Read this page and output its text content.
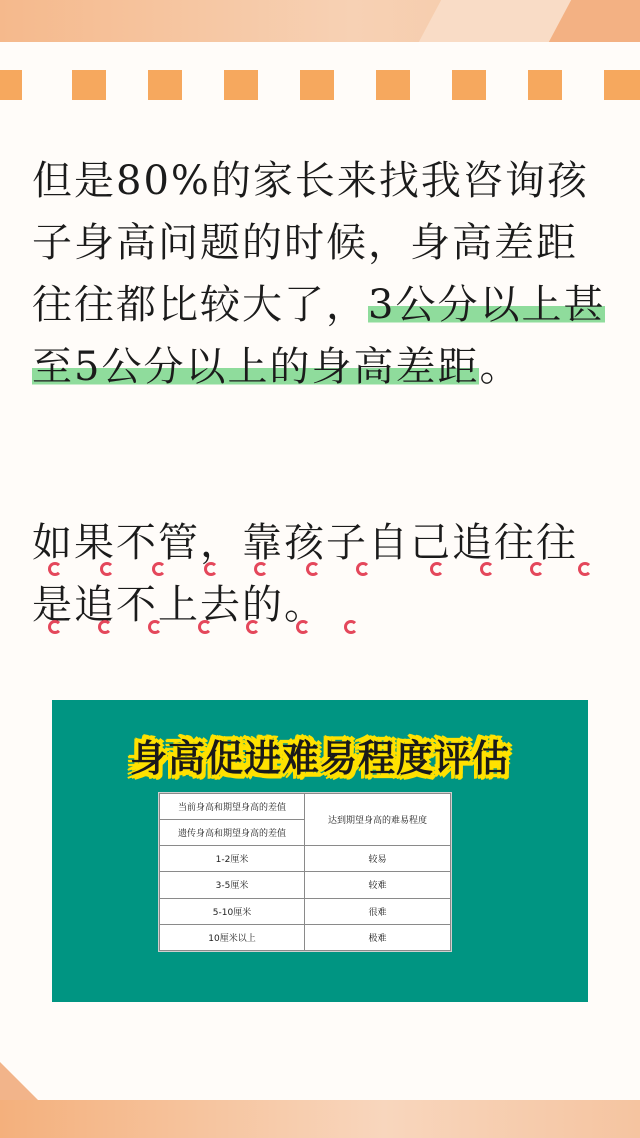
但是80%的家长来找我咨询孩子身高问题的时候，身高差距往往都比较大了，3公分以上甚至5公分以上的身高差距。
如果不管，靠孩子自己追往往是追不上去的。
身高促进难易程度评估
当前身高和期望身高的差值	达到期望身高的难易程度
遗传身高和期望身高的差值	
1-2厘米	较易
3-5厘米	较难
5-10厘米	很难
10厘米以上	极难
